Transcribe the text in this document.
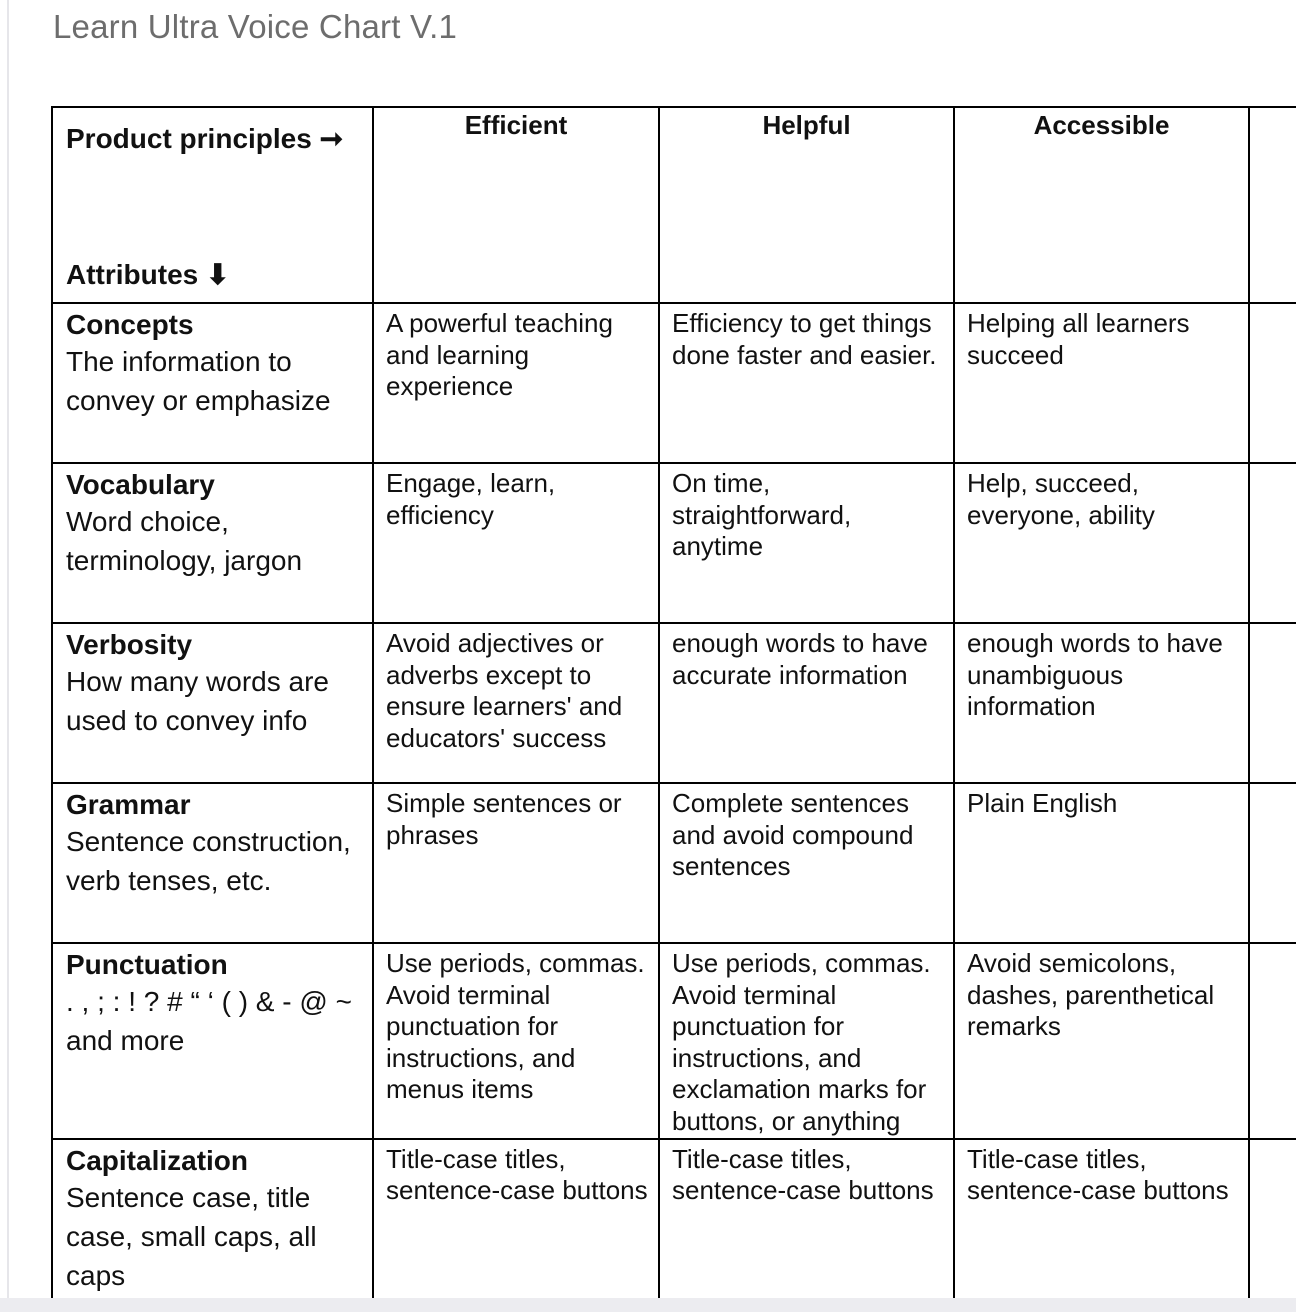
Learn Ultra Voice Chart V.1
Product principles ➞
Attributes ⬇	Efficient	Helpful	Accessible	

Concepts
The information to convey or emphasize	A powerful teaching and learning experience	Efficiency to get things done faster and easier.	Helping all learners succeed	

Vocabulary
Word choice, terminology, jargon	Engage, learn, efficiency	On time, straightforward, anytime	Help, succeed, everyone, ability	

Verbosity
How many words are used to convey info	Avoid adjectives or adverbs except to ensure learners' and educators' success	enough words to have accurate information	enough words to have unambiguous information	

Grammar
Sentence construction, verb tenses, etc.	Simple sentences or phrases	Complete sentences and avoid compound sentences	Plain English	

Punctuation
. , ; : ! ? # “ ‘ ( ) & - @ ~ and more	Use periods, commas. Avoid terminal punctuation for instructions, and menus items	Use periods, commas. Avoid terminal punctuation for instructions, and exclamation marks for buttons, or anything	Avoid semicolons, dashes, parenthetical remarks	

Capitalization
Sentence case, title case, small caps, all caps	Title-case titles, sentence-case buttons	Title-case titles, sentence-case buttons	Title-case titles, sentence-case buttons	
